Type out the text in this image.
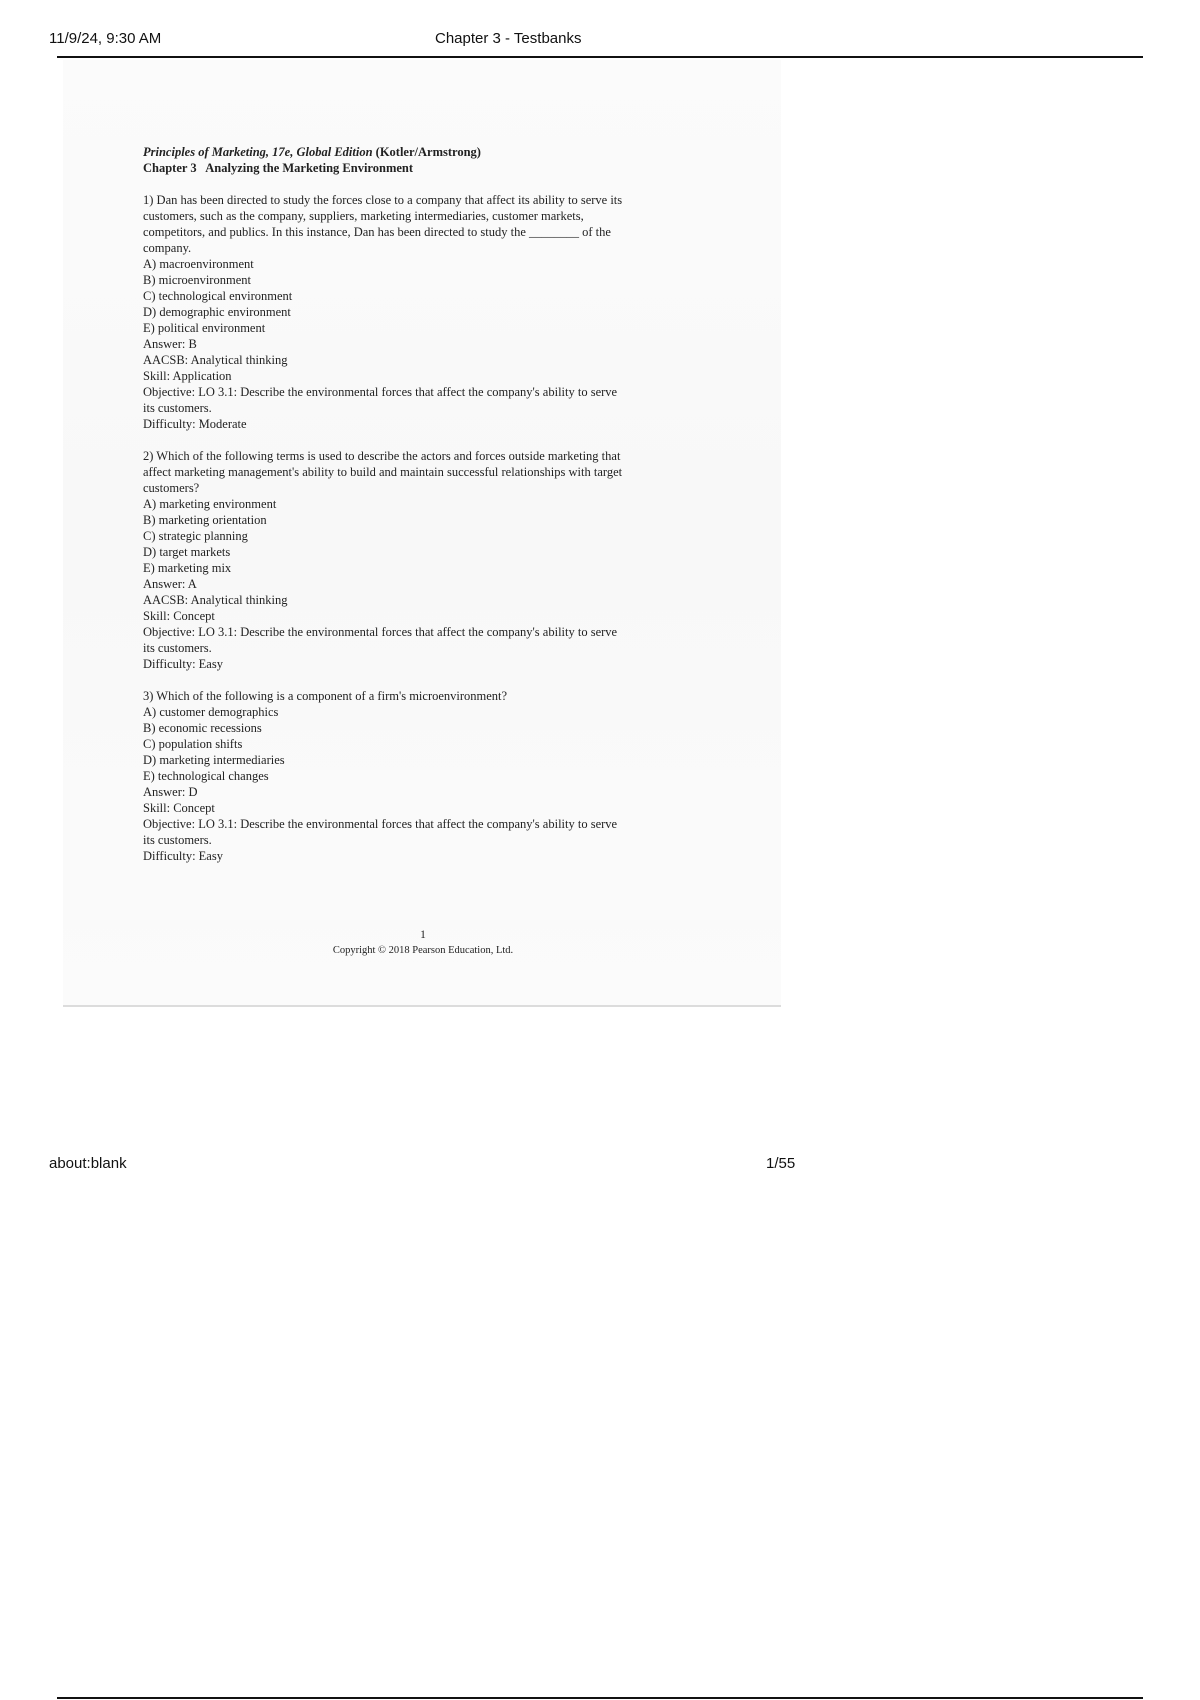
11/9/24, 9:30 AM	Chapter 3 - Testbanks
Principles of Marketing, 17e, Global Edition (Kotler/Armstrong)
Chapter 3   Analyzing the Marketing Environment
1) Dan has been directed to study the forces close to a company that affect its ability to serve its
customers, such as the company, suppliers, marketing intermediaries, customer markets,
competitors, and publics. In this instance, Dan has been directed to study the ________ of the
company.
A) macroenvironment
B) microenvironment
C) technological environment
D) demographic environment
E) political environment
Answer: B
AACSB: Analytical thinking
Skill: Application
Objective: LO 3.1: Describe the environmental forces that affect the company's ability to serve
its customers.
Difficulty: Moderate
2) Which of the following terms is used to describe the actors and forces outside marketing that
affect marketing management's ability to build and maintain successful relationships with target
customers?
A) marketing environment
B) marketing orientation
C) strategic planning
D) target markets
E) marketing mix
Answer: A
AACSB: Analytical thinking
Skill: Concept
Objective: LO 3.1: Describe the environmental forces that affect the company's ability to serve
its customers.
Difficulty: Easy
3) Which of the following is a component of a firm's microenvironment?
A) customer demographics
B) economic recessions
C) population shifts
D) marketing intermediaries
E) technological changes
Answer: D
Skill: Concept
Objective: LO 3.1: Describe the environmental forces that affect the company's ability to serve
its customers.
Difficulty: Easy
1
Copyright © 2018 Pearson Education, Ltd.
about:blank	1/55
